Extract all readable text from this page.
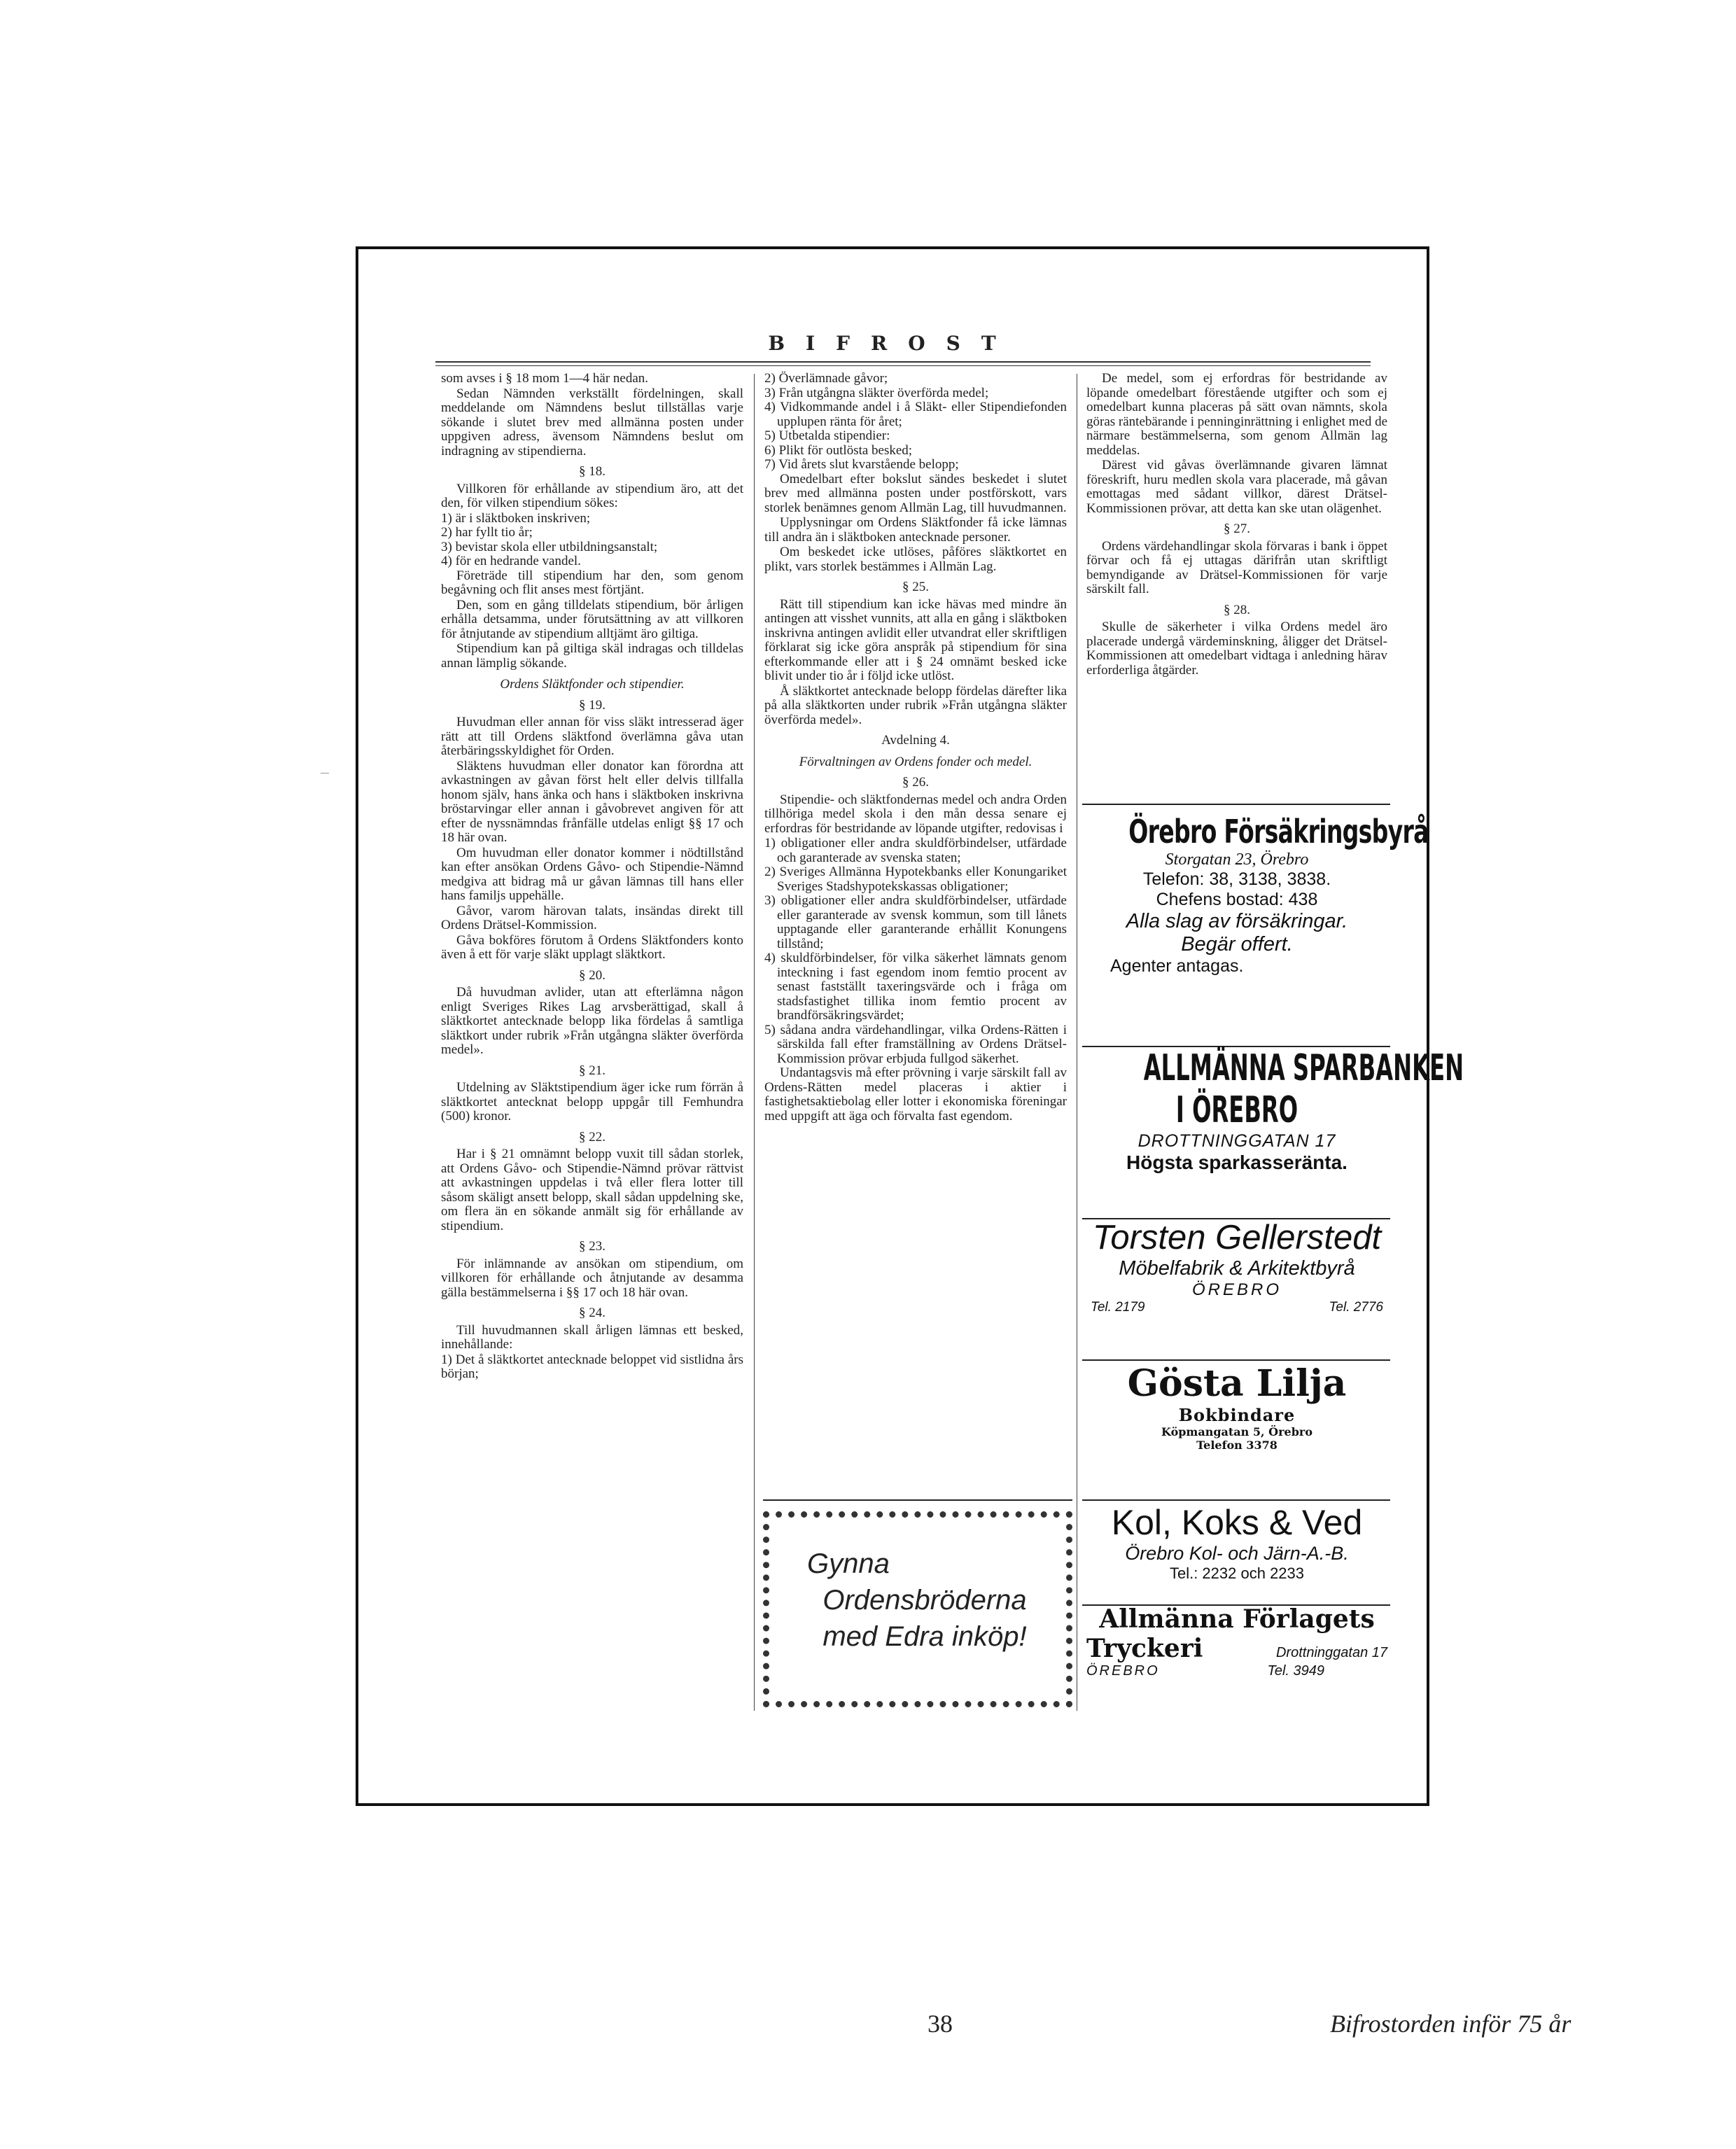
BIFROST

som avses i § 18 mom 1—4 här nedan.

Sedan Nämnden verkställt fördelningen, skall meddelande om Nämndens beslut tillställas varje sökande i slutet brev med allmänna posten under uppgiven adress, ävensom Nämndens beslut om indragning av stipendierna.

§ 18.

Villkoren för erhållande av stipendium äro, att det den, för vilken stipendium sökes:

1) är i släktboken inskriven;
2) har fyllt tio år;
3) bevistar skola eller utbildningsanstalt;
4) för en hedrande vandel.

Företräde till stipendium har den, som genom begåvning och flit anses mest förtjänt.

Den, som en gång tilldelats stipendium, bör årligen erhålla detsamma, under förutsättning av att villkoren för åtnjutande av stipendium alltjämt äro giltiga.

Stipendium kan på giltiga skäl indragas och tilldelas annan lämplig sökande.

Ordens Släktfonder och stipendier.

§ 19.

Huvudman eller annan för viss släkt intresserad äger rätt att till Ordens släktfond överlämna gåva utan återbäringsskyldighet för Orden.

Släktens huvudman eller donator kan förordna att avkastningen av gåvan först helt eller delvis tillfalla honom själv, hans änka och hans i släktboken inskrivna bröstarvingar eller annan i gåvobrevet angiven för att efter de nyssnämndas frånfälle utdelas enligt §§ 17 och 18 här ovan.

Om huvudman eller donator kommer i nödtillstånd kan efter ansökan Ordens Gåvo- och Stipendie-Nämnd medgiva att bidrag må ur gåvan lämnas till hans eller hans familjs uppehälle.

Gåvor, varom härovan talats, insändas direkt till Ordens Drätsel-Kommission.

Gåva bokföres förutom å Ordens Släktfonders konto även å ett för varje släkt upplagt släktkort.

§ 20.

Då huvudman avlider, utan att efterlämna någon enligt Sveriges Rikes Lag arvsberättigad, skall å släktkortet antecknade belopp lika fördelas å samtliga släktkort under rubrik »Från utgångna släkter överförda medel».

§ 21.

Utdelning av Släktstipendium äger icke rum förrän å släktkortet antecknat belopp uppgår till Femhundra (500) kronor.

§ 22.

Har i § 21 omnämnt belopp vuxit till sådan storlek, att Ordens Gåvo- och Stipendie-Nämnd prövar rättvist att avkastningen uppdelas i två eller flera lotter till såsom skäligt ansett belopp, skall sådan uppdelning ske, om flera än en sökande anmält sig för erhållande av stipendium.

§ 23.

För inlämnande av ansökan om stipendium, om villkoren för erhållande och åtnjutande av desamma gälla bestämmelserna i §§ 17 och 18 här ovan.

§ 24.

Till huvudmannen skall årligen lämnas ett besked, innehållande:

1) Det å släktkortet antecknade beloppet vid sistlidna års början;

2) Överlämnade gåvor;
3) Från utgångna släkter överförda medel;
4) Vidkommande andel i å Släkt- eller Stipendiefonden upplupen ränta för året;
5) Utbetalda stipendier:
6) Plikt för outlösta besked;
7) Vid årets slut kvarstående belopp;

Omedelbart efter bokslut sändes beskedet i slutet brev med allmänna posten under postförskott, vars storlek benämnes genom Allmän Lag, till huvudmannen.

Upplysningar om Ordens Släktfonder få icke lämnas till andra än i släktboken antecknade personer.

Om beskedet icke utlöses, påföres släktkortet en plikt, vars storlek bestämmes i Allmän Lag.

§ 25.

Rätt till stipendium kan icke hävas med mindre än antingen att visshet vunnits, att alla en gång i släktboken inskrivna antingen avlidit eller utvandrat eller skriftligen förklarat sig icke göra anspråk på stipendium för sina efterkommande eller att i § 24 omnämt besked icke blivit under tio år i följd icke utlöst.

Å släktkortet antecknade belopp fördelas därefter lika på alla släktkorten under rubrik »Från utgångna släkter överförda medel».

Avdelning 4.

Förvaltningen av Ordens fonder och medel.

§ 26.

Stipendie- och släktfondernas medel och andra Orden tillhöriga medel skola i den mån dessa senare ej erfordras för bestridande av löpande utgifter, redovisas i

1) obligationer eller andra skuldförbindelser, utfärdade och garanterade av svenska staten;
2) Sveriges Allmänna Hypotekbanks eller Konungariket Sveriges Stadshypotekskassas obligationer;
3) obligationer eller andra skuldförbindelser, utfärdade eller garanterade av svensk kommun, som till lånets upptagande eller garanterande erhållit Konungens tillstånd;
4) skuldförbindelser, för vilka säkerhet lämnats genom inteckning i fast egendom inom femtio procent av senast fastställt taxeringsvärde och i fråga om stadsfastighet tillika inom femtio procent av brandförsäkringsvärdet;
5) sådana andra värdehandlingar, vilka Ordens-Rätten i särskilda fall efter framställning av Ordens Drätsel-Kommission prövar erbjuda fullgod säkerhet.

Undantagsvis må efter prövning i varje särskilt fall av Ordens-Rätten medel placeras i aktier i fastighetsaktiebolag eller lotter i ekonomiska föreningar med uppgift att äga och förvalta fast egendom.

Gynna
Ordensbröderna
med Edra inköp!

De medel, som ej erfordras för bestridande av löpande omedelbart förestående utgifter och som ej omedelbart kunna placeras på sätt ovan nämnts, skola göras räntebärande i penninginrättning i enlighet med de närmare bestämmelserna, som genom Allmän lag meddelas.

Därest vid gåvas överlämnande givaren lämnat föreskrift, huru medlen skola vara placerade, må gåvan emottagas med sådant villkor, därest Drätsel-Kommissionen prövar, att detta kan ske utan olägenhet.

§ 27.

Ordens värdehandlingar skola förvaras i bank i öppet förvar och få ej uttagas därifrån utan skriftligt bemyndigande av Drätsel-Kommissionen för varje särskilt fall.

§ 28.

Skulle de säkerheter i vilka Ordens medel äro placerade undergå värdeminskning, åligger det Drätsel-Kommissionen att omedelbart vidtaga i anledning härav erforderliga åtgärder.

Örebro Försäkringsbyrå
Storgatan 23, Örebro
Telefon: 38, 3138, 3838.
Chefens bostad: 438
Alla slag av försäkringar.
Begär offert.
Agenter antagas.
ALLMÄNNA SPARBANKEN
I ÖREBRO
DROTTNINGGATAN 17
Högsta sparkasseränta.
Torsten Gellerstedt
Möbelfabrik & Arkitektbyrå
ÖREBRO
Tel. 2179	Tel. 2776
Gösta Lilja
Bokbindare
Köpmangatan 5, Örebro
Telefon 3378
Kol, Koks & Ved
Örebro Kol- och Järn-A.-B.
Tel.: 2232 och 2233
Allmänna Förlagets
Tryckeri	Drottninggatan 17
ÖREBRO	Tel. 3949
38	Bifrostorden inför 75 år
